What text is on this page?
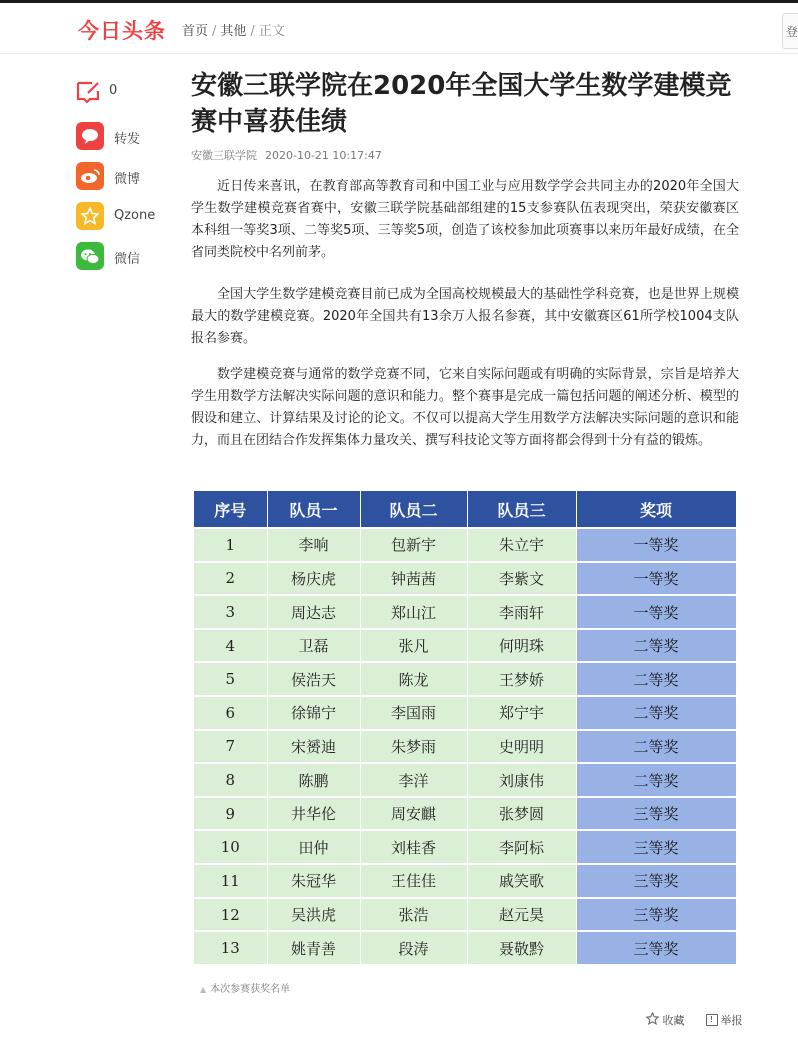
今日头条 首页 / 其他 / 正文	登
0
转发
微博
Qzone
微信
安徽三联学院在2020年全国大学生数学建模竞赛中喜获佳绩
安徽三联学院 2020-10-21 10:17:47

近日传来喜讯，在教育部高等教育司和中国工业与应用数学学会共同主办的2020年全国大学生数学建模竞赛省赛中，安徽三联学院基础部组建的15支参赛队伍表现突出，荣获安徽赛区本科组一等奖3项、二等奖5项、三等奖5项，创造了该校参加此项赛事以来历年最好成绩，在全省同类院校中名列前茅。

全国大学生数学建模竞赛目前已成为全国高校规模最大的基础性学科竞赛，也是世界上规模最大的数学建模竞赛。2020年全国共有13余万人报名参赛，其中安徽赛区61所学校1004支队报名参赛。

数学建模竞赛与通常的数学竞赛不同，它来自实际问题或有明确的实际背景，宗旨是培养大学生用数学方法解决实际问题的意识和能力。整个赛事是完成一篇包括问题的阐述分析、模型的假设和建立、计算结果及讨论的论文。不仅可以提高大学生用数学方法解决实际问题的意识和能力，而且在团结合作发挥集体力量攻关、撰写科技论文等方面将都会得到十分有益的锻炼。

序号	队员一	队员二	队员三	奖项
1	李响	包新宇	朱立宇	一等奖
2	杨庆虎	钟茜茜	李紫文	一等奖
3	周达志	郑山江	李雨轩	一等奖
4	卫磊	张凡	何明珠	二等奖
5	侯浩天	陈龙	王梦娇	二等奖
6	徐锦宁	李国雨	郑宁宇	二等奖
7	宋赟迪	朱梦雨	史明明	二等奖
8	陈鹏	李洋	刘康伟	二等奖
9	井华伦	周安麒	张梦圆	三等奖
10	田仲	刘桂香	李阿标	三等奖
11	朱冠华	王佳佳	戚笑歌	三等奖
12	吴洪虎	张浩	赵元昊	三等奖
13	姚青善	段涛	聂敬黔	三等奖
▲ 本次参赛获奖名单
收藏	! 举报
